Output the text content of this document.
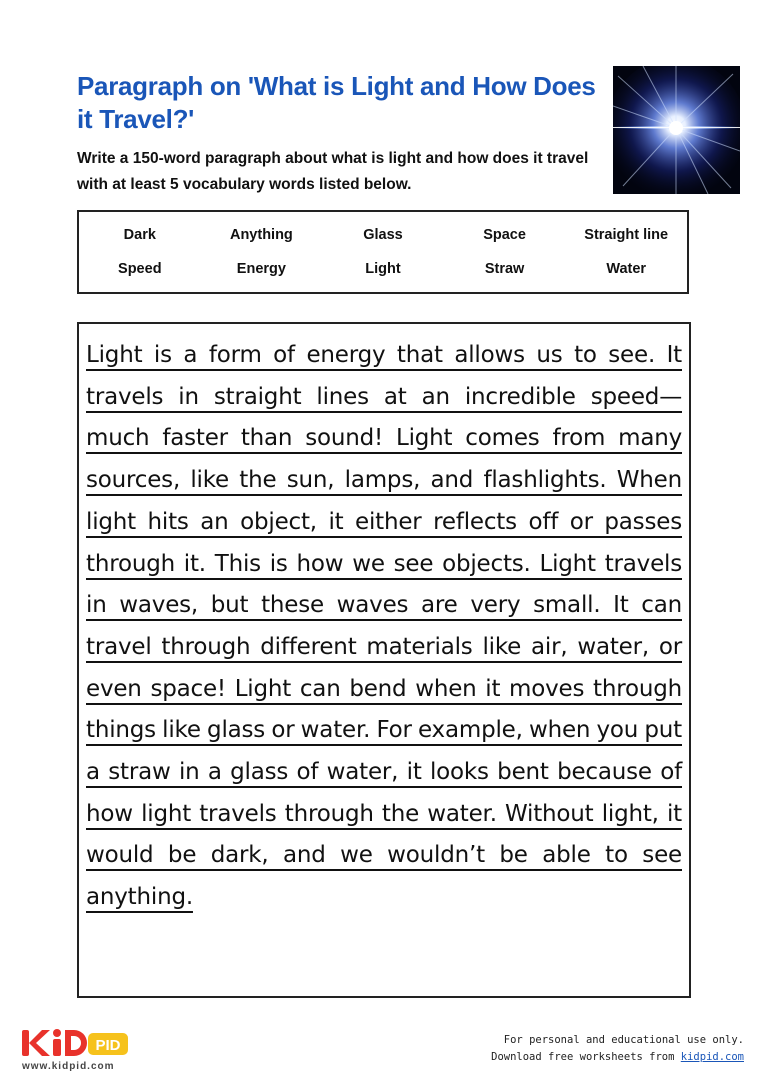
Paragraph on 'What is Light and How Does it Travel?'

Write a 150-word paragraph about what is light and how does it travel with at least 5 vocabulary words listed below.

Dark	Anything	Glass	Space	Straight line
Speed	Energy	Light	Straw	Water

Light is a form of energy that allows us to see. It travels in straight lines at an incredible speed—much faster than sound! Light comes from many sources, like the sun, lamps, and flashlights. When light hits an object, it either reflects off or passes through it. This is how we see objects. Light travels in waves, but these waves are very small. It can travel through different materials like air, water, or even space! Light can bend when it moves through things like glass or water. For example, when you put a straw in a glass of water, it looks bent because of how light travels through the water. Without light, it would be dark, and we wouldn’t be able to see anything.

PID
www.kidpid.com
For personal and educational use only.
Download free worksheets from kidpid.com
